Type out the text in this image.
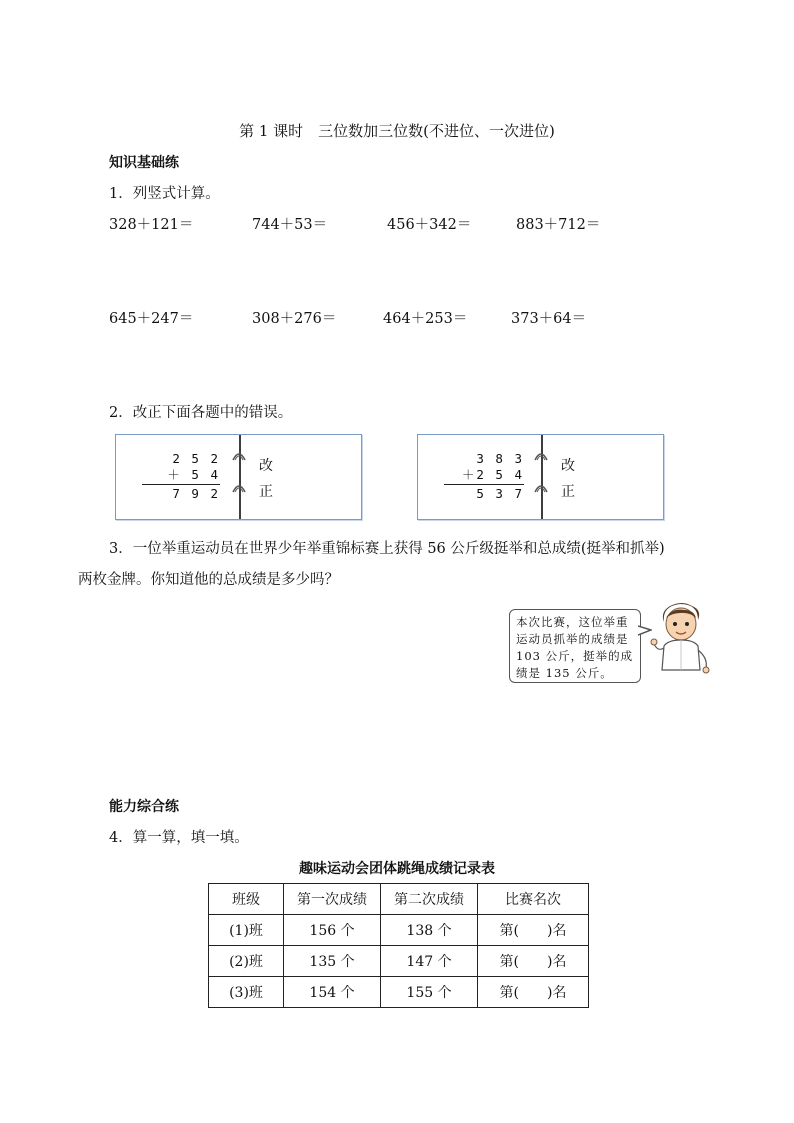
第 1 课时　三位数加三位数(不进位、一次进位)
知识基础练
1．列竖式计算。
328＋121＝	744＋53＝	456＋342＝	883＋712＝
645＋247＝	308＋276＝	464＋253＝	373＋64＝
2．改正下面各题中的错误。
2 5 2
＋ 5 4
7 9 2
改
正
3 8 3
＋2 5 4
5 3 7
改
正
3．一位举重运动员在世界少年举重锦标赛上获得 56 公斤级挺举和总成绩(挺举和抓举)
两枚金牌。你知道他的总成绩是多少吗？
本次比赛，这位举重运动员抓举的成绩是 103 公斤，挺举的成绩是 135 公斤。
能力综合练
4．算一算，填一填。
趣味运动会团体跳绳成绩记录表
班级	第一次成绩	第二次成绩	比赛名次
(1)班	156 个	138 个	第(　　)名
(2)班	135 个	147 个	第(　　)名
(3)班	154 个	155 个	第(　　)名
